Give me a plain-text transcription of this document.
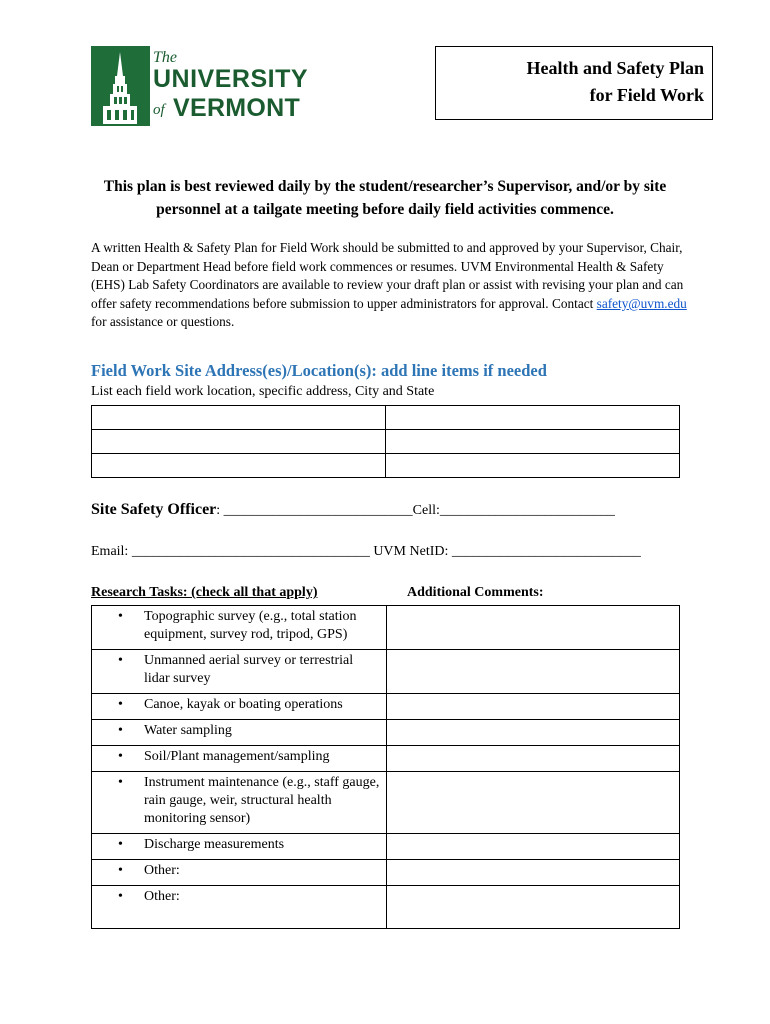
The
UNIVERSITY
of VERMONT
Health and Safety Plan
for Field Work
This plan is best reviewed daily by the student/researcher’s Supervisor, and/or by site personnel at a tailgate meeting before daily field activities commence.
A written Health & Safety Plan for Field Work should be submitted to and approved by your Supervisor, Chair, Dean or Department Head before field work commences or resumes. UVM Environmental Health & Safety (EHS) Lab Safety Coordinators are available to review your draft plan or assist with revising your plan and can offer safety recommendations before submission to upper administrators for approval. Contact safety@uvm.edu for assistance or questions.
Field Work Site Address(es)/Location(s): add line items if needed
List each field work location, specific address, City and State

Site Safety Officer: ___________________________Cell:_________________________
Email: __________________________________ UVM NetID: ___________________________
Research Tasks: (check all that apply)	Additional Comments:
• Topographic survey (e.g., total station equipment, survey rod, tripod, GPS)	

• Unmanned aerial survey or terrestrial lidar survey	

• Canoe, kayak or boating operations	

• Water sampling	

• Soil/Plant management/sampling	

• Instrument maintenance (e.g., staff gauge, rain gauge, weir, structural health monitoring sensor)	

• Discharge measurements	

• Other:	

• Other:	
